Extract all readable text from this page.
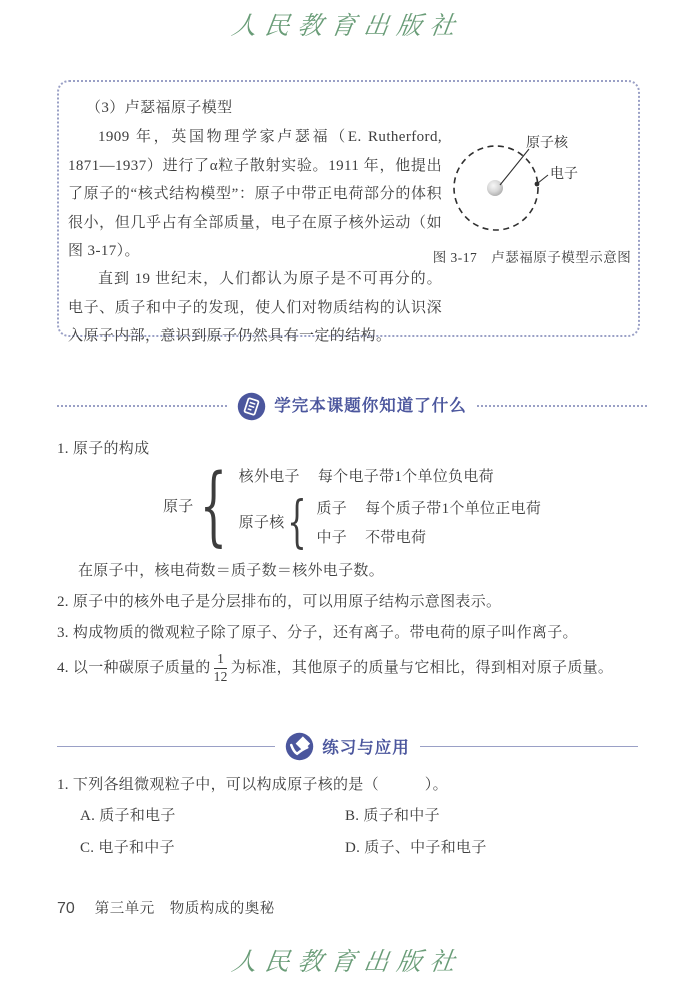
人民教育出版社

（3）卢瑟福原子模型

1909 年，英国物理学家卢瑟福（E. Rutherford, 1871—1937）进行了α粒子散射实验。1911 年，他提出了原子的“核式结构模型”：原子中带正电荷部分的体积很小，但几乎占有全部质量，电子在原子核外运动（如图 3-17）。

直到 19 世纪末，人们都认为原子是不可再分的。电子、质子和中子的发现，使人们对物质结构的认识深入原子内部，意识到原子仍然具有一定的结构。

原子核
电子
图 3-17　卢瑟福原子模型示意图
学完本课题你知道了什么
1. 原子的构成
原子 { 核外电子 每个电子带1个单位负电荷
原子核 { 质子 每个质子带1个单位正电荷
中子 不带电荷
在原子中，核电荷数＝质子数＝核外电子数。
2. 原子中的核外电子是分层排布的，可以用原子结构示意图表示。
3. 构成物质的微观粒子除了原子、分子，还有离子。带电荷的原子叫作离子。
4. 以一种碳原子质量的 $\frac{1}{12}$ 为标准，其他原子的质量与它相比，得到相对原子质量。
练习与应用
1. 下列各组微观粒子中，可以构成原子核的是（　　　）。
A. 质子和电子	B. 质子和中子
C. 电子和中子	D. 质子、中子和电子
70 第三单元　物质构成的奥秘
人民教育出版社
